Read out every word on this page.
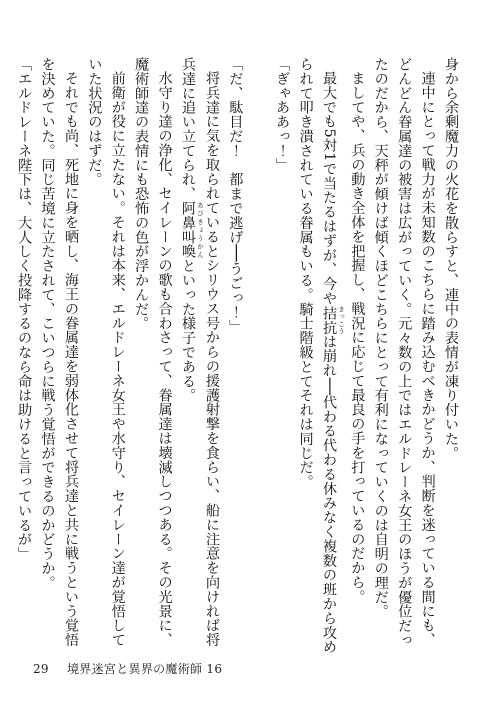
身から余剰魔力の火花を散らすと、連中の表情が凍り付いた。

連中にとって戦力が未知数のこちらに踏み込むべきかどうか、判断を迷っている間にも、どんどん眷属達の被害は広がっていく。元々数の上ではエルドレーネ女王のほうが優位だったのだから、天秤が傾けば傾くほどこちらにとって有利になっていくのは自明の理だ。

ましてや、兵の動き全体を把握し、戦況に応じて最良の手を打っているのだから。

最大でも5対1で当たるはずが、今や拮抗 きっこうは崩れ──代わる代わる休みなく複数の班から攻められて叩き潰されている眷属もいる。騎士階級とてそれは同じだ。

「ぎゃああっ！」

「だ、駄目だ！　都まで逃げ──うごっ！」

将兵達に気を取られているとシリウス号からの援護射撃を食らい、船に注意を向ければ将兵達に追い立てられ、阿鼻叫喚 あびきょうかんといった様子である。

水守り達の浄化、セイレーンの歌も合わさって、眷属達は壊滅しつつある。その光景に、魔術師達の表情にも恐怖の色が浮かんだ。

前衛が役に立たない。それは本来、エルドレーネ女王や水守り、セイレーン達が覚悟していた状況のはずだ。

それでも尚、死地に身を晒し、海王の眷属達を弱体化させて将兵達と共に戦うという覚悟を決めていた。同じ苦境に立たされて、こいつらに戦う覚悟ができるのかどうか。

「エルドレーネ陛下は、大人しく投降するのなら命は助けると言っているが」

29 境界迷宮と異界の魔術師 16
